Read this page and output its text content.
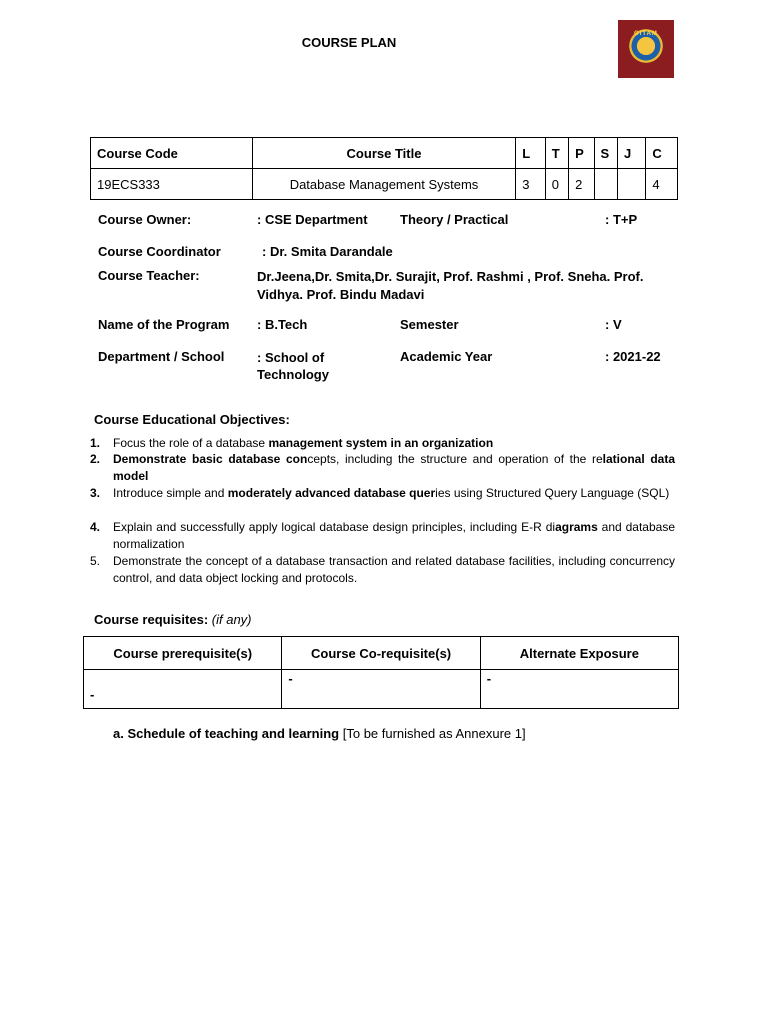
COURSE PLAN
GITAM
Course Code	Course Title	L	T	P	S	J	C
19ECS333	Database Management Systems	3	0	2			4
Course Owner:	: CSE Department Theory / Practical	: T+P
Course Coordinator	: Dr. Smita Darandale
Course Teacher:	Dr.Jeena,Dr. Smita,Dr. Surajit, Prof. Rashmi , Prof. Sneha. Prof. Vidhya. Prof. Bindu Madavi
Name of the Program : B.Tech	Semester	: V
Department / School	: School of Technology
Academic Year	: 2021-22
Course Educational Objectives:
1.	Focus the role of a database management system in an organization
2.	Demonstrate basic database concepts, including the structure and operation of the relational data model
3.	Introduce simple and moderately advanced database queries using Structured Query Language (SQL)
4.	Explain and successfully apply logical database design principles, including E-R diagrams and database normalization
5.	Demonstrate the concept of a database transaction and related database facilities, including concurrency control, and data object locking and protocols.
Course requisites: (if any)
Course prerequisite(s)	Course Co-requisite(s)	Alternate Exposure
-	-	-
a. Schedule of teaching and learning [To be furnished as Annexure 1]
